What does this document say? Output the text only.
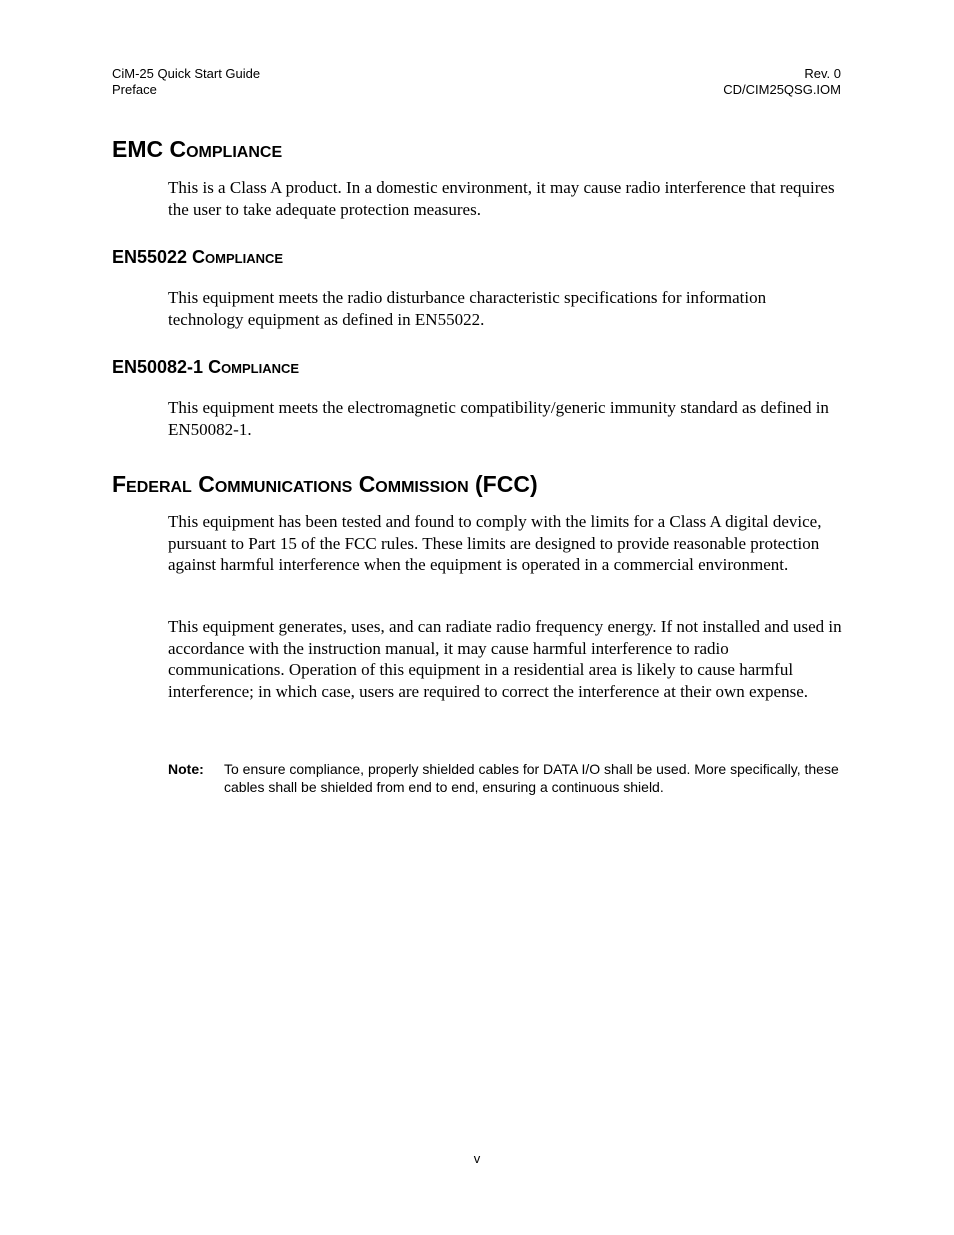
CiM-25 Quick Start Guide
Preface
Rev. 0
CD/CIM25QSG.IOM
EMC Compliance

This is a Class A product. In a domestic environment, it may cause radio interference that requires the user to take adequate protection measures.

EN55022 Compliance

This equipment meets the radio disturbance characteristic specifications for information technology equipment as defined in EN55022.

EN50082-1 Compliance

This equipment meets the electromagnetic compatibility/generic immunity standard as defined in EN50082-1.

Federal Communications Commission (FCC)

This equipment has been tested and found to comply with the limits for a Class A digital device, pursuant to Part 15 of the FCC rules. These limits are designed to provide reasonable protection against harmful interference when the equipment is operated in a commercial environment.

This equipment generates, uses, and can radiate radio frequency energy. If not installed and used in accordance with the instruction manual, it may cause harmful interference to radio communications. Operation of this equipment in a residential area is likely to cause harmful interference; in which case, users are required to correct the interference at their own expense.

Note: To ensure compliance, properly shielded cables for DATA I/O shall be used. More specifically, these cables shall be shielded from end to end, ensuring a continuous shield.
v
